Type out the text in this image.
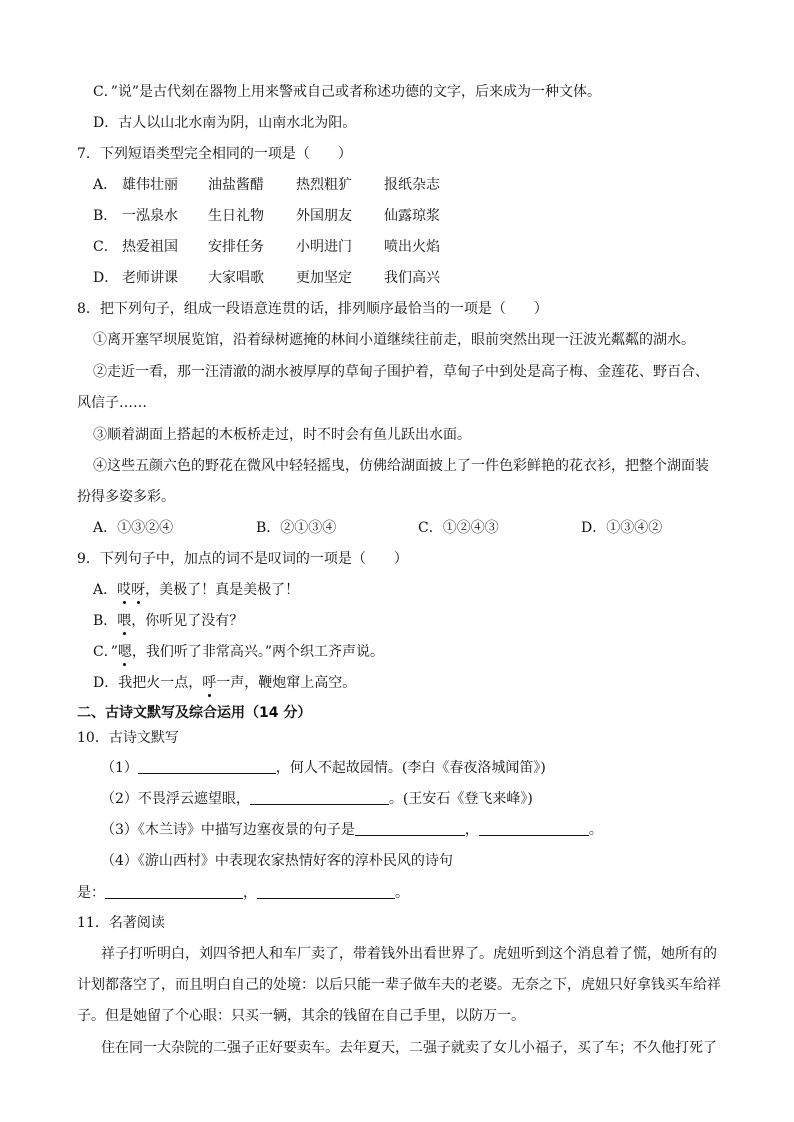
C．”说”是古代刻在器物上用来警戒自己或者称述功德的文字，后来成为一种文体。
D．古人以山北水南为阴，山南水北为阳。
7．下列短语类型完全相同的一项是（　　）
A． 雄伟壮丽 油盐酱醋 热烈粗犷 报纸杂志
B． 一泓泉水 生日礼物 外国朋友 仙露琼浆
C． 热爱祖国 安排任务 小明进门 喷出火焰
D． 老师讲课 大家唱歌 更加坚定 我们高兴
8．把下列句子，组成一段语意连贯的话，排列顺序最恰当的一项是（　　）
①离开塞罕坝展览馆，沿着绿树遮掩的林间小道继续往前走，眼前突然出现一汪波光粼粼的湖水。
②走近一看，那一汪清澈的湖水被厚厚的草甸子围护着，草甸子中到处是高子梅、金莲花、野百合、
风信子……
③顺着湖面上搭起的木板桥走过，时不时会有鱼儿跃出水面。
④这些五颜六色的野花在微风中轻轻摇曳，仿佛给湖面披上了一件色彩鲜艳的花衣衫，把整个湖面装
扮得多姿多彩。
A．①③②④	B．②①③④	C．①②④③	D．①③④②
9．下列句子中，加点的词不是叹词的一项是（　　）
A．哎呀，美极了！真是美极了！
B．喂，你听见了没有？
C．”嗯，我们听了非常高兴。”两个织工齐声说。
D．我把火一点，呼一声，鞭炮窜上高空。
二、古诗文默写及综合运用（14 分）
10．古诗文默写
（1）	，何人不起故园情。(李白《春夜洛城闻笛》)
（2）不畏浮云遮望眼，	。(王安石《登飞来峰》)
（3）《木兰诗》中描写边塞夜景的句子是	，	。
（4）《游山西村》中表现农家热情好客的淳朴民风的诗句
是：	，	。
11．名著阅读
祥子打听明白，刘四爷把人和车厂卖了，带着钱外出看世界了。虎妞听到这个消息着了慌，她所有的
计划都落空了，而且明白自己的处境：以后只能一辈子做车夫的老婆。无奈之下，虎妞只好拿钱买车给祥
子。但是她留了个心眼：只买一辆，其余的钱留在自己手里，以防万一。
住在同一大杂院的二强子正好要卖车。去年夏天，二强子就卖了女儿小福子，买了车；不久他打死了
